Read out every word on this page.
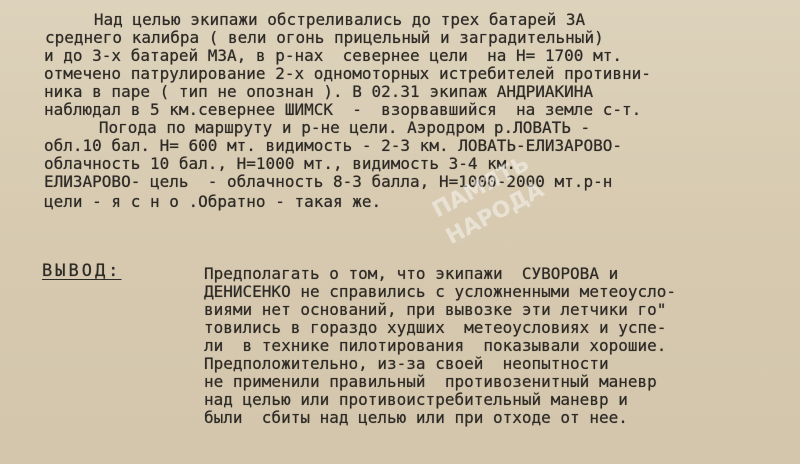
Над целью экипажи обстреливались до трех батарей ЗА
среднего калибра ( вели огонь прицельный и заградительный)
и до 3-х батарей МЗА, в р-нах  севернее цели  на Н= 1700 мт.
отмечено патрулирование 2-х одномоторных истребителей противни-
ника в паре ( тип не опознан ). В 02.31 экипаж АНДРИАКИНА
наблюдал в 5 км.севернее ШИМСК  -  взорвавшийся  на земле с-т.
Погода по маршруту и р-не цели. Аэродром р.ЛОВАТЬ -
обл.10 бал. Н= 600 мт. видимость - 2-3 км. ЛОВАТЬ-ЕЛИЗАРОВО-
облачность 10 бал., Н=1000 мт., видимость 3-4 км.
ЕЛИЗАРОВО- цель  - облачность 8-3 балла, Н=1000-2000 мт.р-н
цели - я с н о .Обратно - такая же.
ВЫВОД:	Предполагать о том, что экипажи  СУВОРОВА и
ДЕНИСЕНКО не справились с усложненными метеоусло-
виями нет оснований, при вывозке эти летчики го"
товились в гораздо худших  метеоусловиях и успе-
ли  в технике пилотирования  показывали хорошие.
Предположительно, из-за своей  неопытности
не применили правильный  противозенитный маневр
над целью или противоистребительный маневр и
были  сбиты над целью или при отходе от нее.
ПАМЯТЬ НАРОДА
